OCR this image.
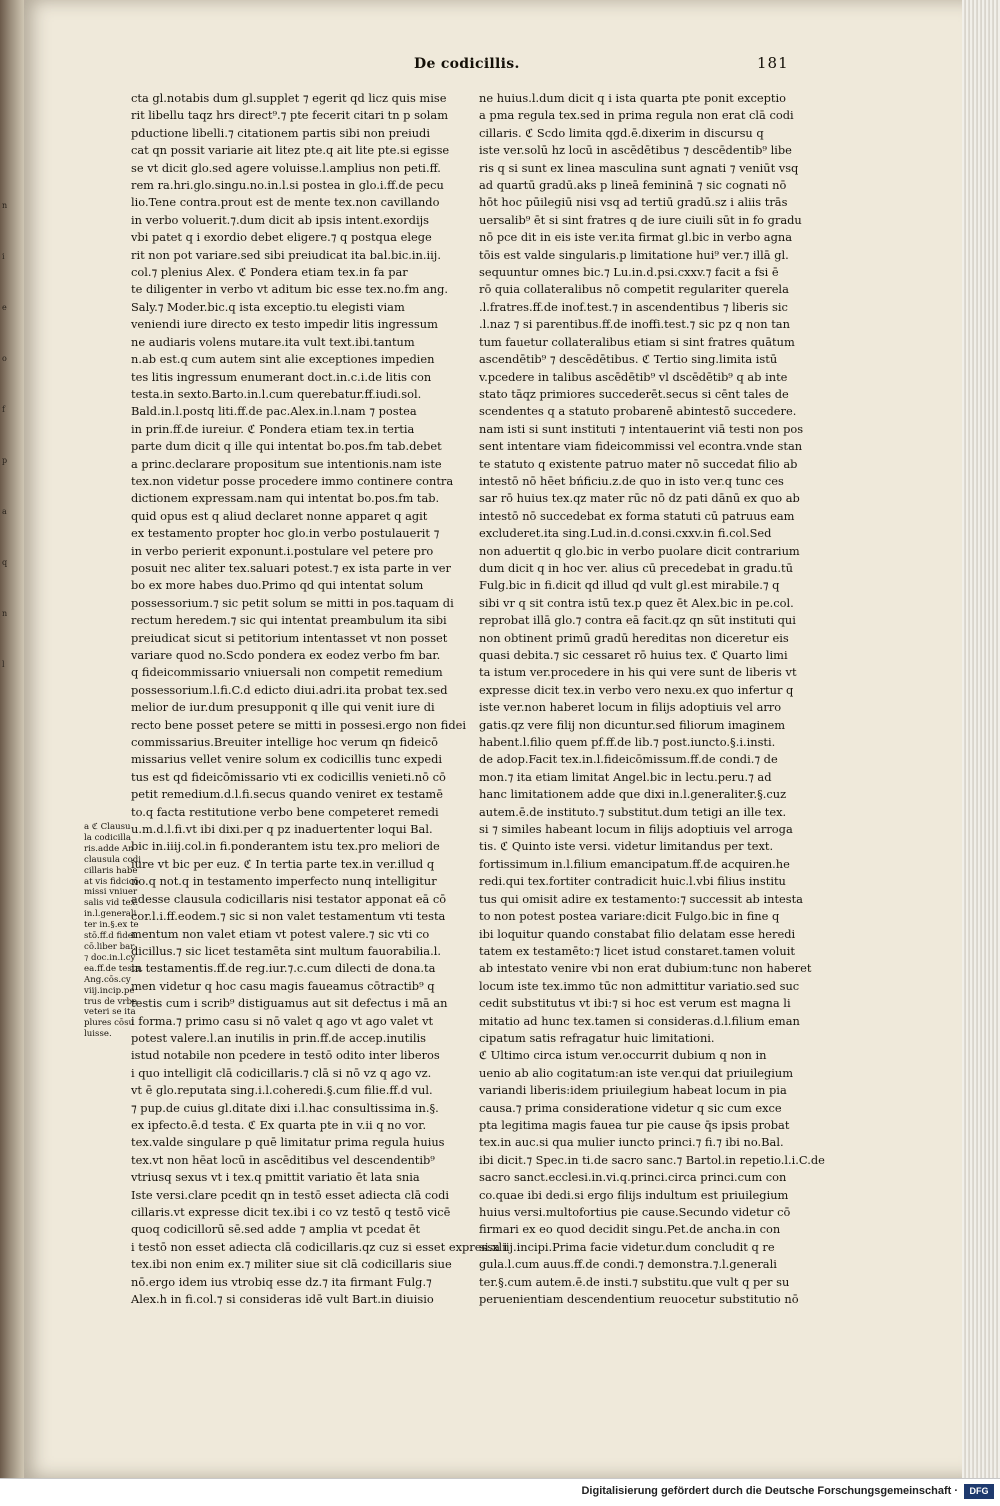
n
i
e
o
f
p
a
q
n
l
De codicillis.	181
cta gl.notabis dum gl.supplet ⁊ egerit qd licz quis mise
rit libellu taqz hrs direct⁹.⁊ pte fecerit citari tn p solam
pductione libelli.⁊ citationem partis sibi non preiudi
cat qn possit variarie ait litez pte.q ait lite pte.si egisse
se vt dicit glo.sed agere voluisse.l.amplius non peti.ff.
rem ra.hri.glo.singu.no.in.l.si postea in glo.i.ff.de pecu
lio.Tene contra.prout est de mente tex.non cavillando
in verbo voluerit.⁊.dum dicit ab ipsis intent.exordijs
vbi patet q i exordio debet eligere.⁊ q postqua elege
rit non pot variare.sed sibi preiudicat ita bal.bic.in.iij.
col.⁊ plenius Alex. ℭ Pondera etiam tex.in fa par
te diligenter in verbo vt aditum bic esse tex.no.fm ang.
Saly.⁊ Moder.bic.q ista exceptio.tu elegisti viam
veniendi iure directo ex testo impedir litis ingressum
ne audiaris volens mutare.ita vult text.ibi.tantum
n.ab est.q cum autem sint alie exceptiones impedien
tes litis ingressum enumerant doct.in.c.i.de litis con
testa.in sexto.Barto.in.l.cum querebatur.ff.iudi.sol.
Bald.in.l.postq liti.ff.de pac.Alex.in.l.nam ⁊ postea
in prin.ff.de iureiur. ℭ Pondera etiam tex.in tertia
parte dum dicit q ille qui intentat bo.pos.fm tab.debet
a princ.declarare propositum sue intentionis.nam iste
tex.non videtur posse procedere immo continere contra
dictionem expressam.nam qui intentat bo.pos.fm tab.
quid opus est q aliud declaret nonne apparet q agit
ex testamento propter hoc glo.in verbo postulauerit ⁊
in verbo perierit exponunt.i.postulare vel petere pro
posuit nec aliter tex.saluari potest.⁊ ex ista parte in ver
bo ex more habes duo.Primo qd qui intentat solum
possessorium.⁊ sic petit solum se mitti in pos.taquam di
rectum heredem.⁊ sic qui intentat preambulum ita sibi
preiudicat sicut si petitorium intentasset vt non posset
variare quod no.Scdo pondera ex eodez verbo fm bar.
q fideicommissario vniuersali non competit remedium
possessorium.l.fi.C.d edicto diui.adri.ita probat tex.sed
melior de iur.dum presupponit q ille qui venit iure di
recto bene posset petere se mitti in possesi.ergo non fidei
commissarius.Breuiter intellige hoc verum qn fideicō
missarius vellet venire solum ex codicillis tunc expedi
tus est qd fideicōmissario vti ex codicillis venieti.nō cō
petit remedium.d.l.fi.secus quando veniret ex testamē
to.q facta restitutione verbo bene competeret remedi
u.m.d.l.fi.vt ibi dixi.per q pz inaduertenter loqui Bal.
bic in.iiij.col.in fi.ponderantem istu tex.pro meliori de
iure vt bic per euz. ℭ In tertia parte tex.in ver.illud q
no.q not.q in testamento imperfecto nunq intelligitur
adesse clausula codicillaris nisi testator apponat eā cō
cor.l.i.ff.eodem.⁊ sic si non valet testamentum vti testa
mentum non valet etiam vt potest valere.⁊ sic vti co
dicillus.⁊ sic licet testamēta sint multum fauorabilia.l.
in testamentis.ff.de reg.iur.⁊.c.cum dilecti de dona.ta
men videtur q hoc casu magis faueamus cōtractib⁹ q
testis cum i scrib⁹ distiguamus aut sit defectus i mā an
i forma.⁊ primo casu si nō valet q ago vt ago valet vt
potest valere.l.an inutilis in prin.ff.de accep.inutilis
istud notabile non pcedere in testō odito inter liberos
i quo intelligit clā codicillaris.⁊ clā si nō vz q ago vz.
vt ē glo.reputata sing.i.l.coheredi.§.cum filie.ff.d vul.
⁊ pup.de cuius gl.ditate dixi i.l.hac consultissima in.§.
ex ipfecto.ē.d testa. ℭ Ex quarta pte in v.ii q no vor.
tex.valde singulare p quē limitatur prima regula huius
tex.vt non hēat locū in ascēditibus vel descendentib⁹
vtriusq sexus vt i tex.q pmittit variatio ēt lata snia
Iste versi.clare pcedit qn in testō esset adiecta clā codi
cillaris.vt expresse dicit tex.ibi i co vz testō q testō vicē
quoq codicillorū sē.sed adde ⁊ amplia vt pcedat ēt
i testō non esset adiecta clā codicillaris.qz cuz si esset expressa i
tex.ibi non enim ex.⁊ militer siue sit clā codicillaris siue
nō.ergo idem ius vtrobiq esse dz.⁊ ita firmant Fulg.⁊
Alex.h in fi.col.⁊ si consideras idē vult Bart.in diuisio
ne huius.l.dum dicit q i ista quarta pte ponit exceptio
a pma regula tex.sed in prima regula non erat clā codi
cillaris. ℭ Scdo limita qgd.ē.dixerim in discursu q
iste ver.solū hz locū in ascēdētibus ⁊ descēdentib⁹ libe
ris q si sunt ex linea masculina sunt agnati ⁊ veniūt vsq
ad quartū gradū.aks p lineā femininā ⁊ sic cognati nō
hōt hoc pūilegiū nisi vsq ad tertiū gradū.sz i aliis trās
uersalib⁹ ēt si sint fratres q de iure ciuili sūt in fo gradu
nō pce dit in eis iste ver.ita firmat gl.bic in verbo agna
tōis est valde singularis.p limitatione hui⁹ ver.⁊ illā gl.
sequuntur omnes bic.⁊ Lu.in.d.psi.cxxv.⁊ facit a fsi ē
rō quia collateralibus nō competit regulariter querela
.l.fratres.ff.de inof.test.⁊ in ascendentibus ⁊ liberis sic
.l.naz ⁊ si parentibus.ff.de inoffi.test.⁊ sic pz q non tan
tum fauetur collateralibus etiam si sint fratres quātum
ascendētib⁹ ⁊ descēdētibus. ℭ Tertio sing.limita istū
v.pcedere in talibus ascēdētib⁹ vl dscēdētib⁹ q ab inte
stato tāqz primiores succederēt.secus si cēnt tales de
scendentes q a statuto probarenē abintestō succedere.
nam isti si sunt instituti ⁊ intentauerint viā testi non pos
sent intentare viam fideicommissi vel econtra.vnde stan
te statuto q existente patruo mater nō succedat filio ab
intestō nō hēet bńficiu.z.de quo in isto ver.q tunc ces
sar rō huius tex.qz mater rūc nō dz pati dānū ex quo ab
intestō nō succedebat ex forma statuti cū patruus eam
excluderet.ita sing.Lud.in.d.consi.cxxv.in fi.col.Sed
non aduertit q glo.bic in verbo puolare dicit contrarium
dum dicit q in hoc ver. alius cū precedebat in gradu.tū
Fulg.bic in fi.dicit qd illud qd vult gl.est mirabile.⁊ q
sibi vr q sit contra istū tex.p quez ēt Alex.bic in pe.col.
reprobat illā glo.⁊ contra eā facit.qz qn sūt instituti qui
non obtinent primū gradū hereditas non diceretur eis
quasi debita.⁊ sic cessaret rō huius tex. ℭ Quarto limi
ta istum ver.procedere in his qui vere sunt de liberis vt
expresse dicit tex.in verbo vero nexu.ex quo infertur q
iste ver.non haberet locum in filijs adoptiuis vel arro
gatis.qz vere filij non dicuntur.sed filiorum imaginem
habent.l.filio quem pf.ff.de lib.⁊ post.iuncto.§.i.insti.
de adop.Facit tex.in.l.fideicōmissum.ff.de condi.⁊ de
mon.⁊ ita etiam limitat Angel.bic in lectu.peru.⁊ ad
hanc limitationem adde que dixi in.l.generaliter.§.cuz
autem.ē.de instituto.⁊ substitut.dum tetigi an ille tex.
si ⁊ similes habeant locum in filijs adoptiuis vel arroga
tis. ℭ Quinto iste versi. videtur limitandus per text.
fortissimum in.l.filium emancipatum.ff.de acquiren.he
redi.qui tex.fortiter contradicit huic.l.vbi filius institu
tus qui omisit adire ex testamento:⁊ successit ab intesta
to non potest postea variare:dicit Fulgo.bic in fine q
ibi loquitur quando constabat filio delatam esse heredi
tatem ex testamēto:⁊ licet istud constaret.tamen voluit
ab intestato venire vbi non erat dubium:tunc non haberet
locum iste tex.immo tūc non admittitur variatio.sed suc
cedit substitutus vt ibi:⁊ si hoc est verum est magna li
mitatio ad hunc tex.tamen si consideras.d.l.filium eman
cipatum satis refragatur huic limitationi.
ℭ Ultimo circa istum ver.occurrit dubium q non in
uenio ab alio cogitatum:an iste ver.qui dat priuilegium
variandi liberis:idem priuilegium habeat locum in pia
causa.⁊ prima consideratione videtur q sic cum exce
pta legitima magis fauea tur pie cause q̄s ipsis probat
tex.in auc.si qua mulier iuncto princi.⁊ fi.⁊ ibi no.Bal.
ibi dicit.⁊ Spec.in ti.de sacro sanc.⁊ Bartol.in repetio.l.i.C.de
sacro sanct.ecclesi.in.vi.q.princi.circa princi.cum con
co.quae ibi dedi.si ergo filijs indultum est priuilegium
huius versi.multofortius pie cause.Secundo videtur cō
firmari ex eo quod decidit singu.Pet.de ancha.in con
si.xliij.incipi.Prima facie videtur.dum concludit q re
gula.l.cum auus.ff.de condi.⁊ demonstra.⁊.l.generali
ter.§.cum autem.ē.de insti.⁊ substitu.que vult q per su
peruenientiam descendentium reuocetur substitutio nō
a ℭ Clausu
la codicilla
ris.adde An
clausula codi
cillaris habe
at vis fidcicō
missi vniuer
salis vid tex.
in.l.generali
ter in.§.ex te
stō.ff.d fidei
cō.liber bar.
⁊ doc.in.l.cy
ea.ff.de testa.
Ang.cōs.cy
viij.incip.pe
trus de vrbe
veteri se ita
plures cōsu
luisse.
Digitalisierung gefördert durch die Deutsche Forschungsgemeinschaft ·	DFG
